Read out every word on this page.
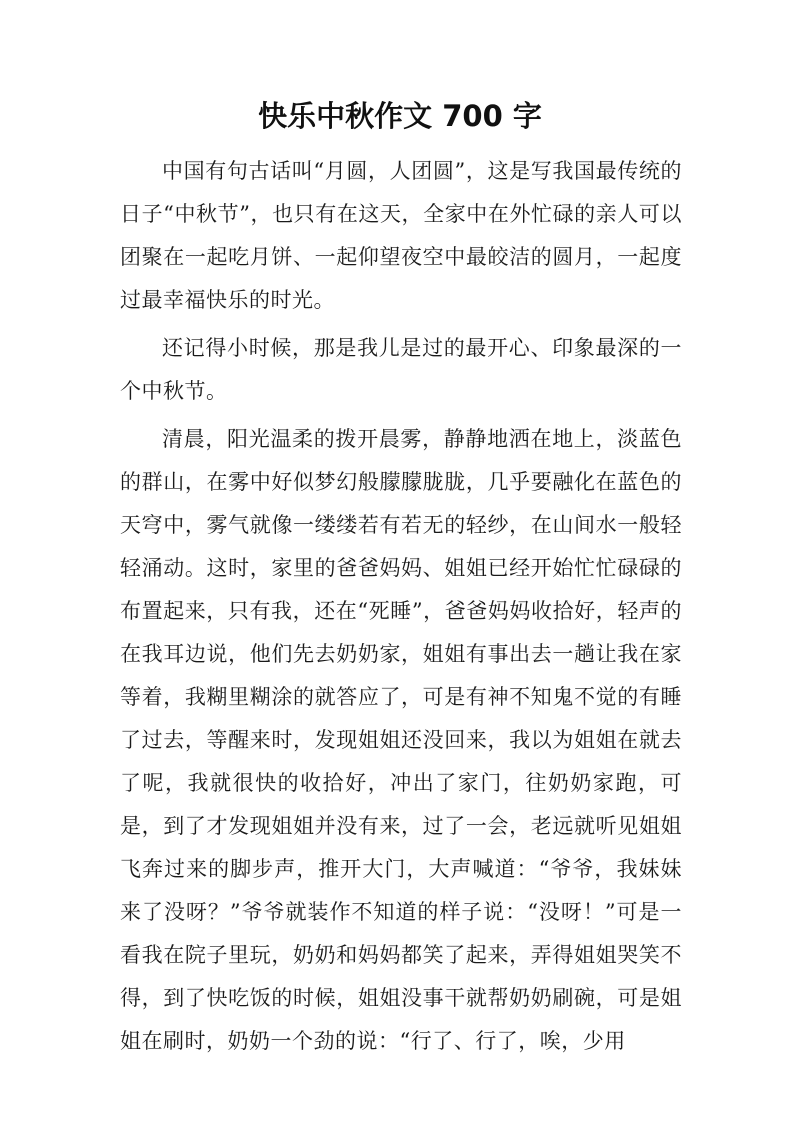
快乐中秋作文 700 字

中国有句古话叫“月圆，人团圆”，这是写我国最传统的日子“中秋节”，也只有在这天，全家中在外忙碌的亲人可以团聚在一起吃月饼、一起仰望夜空中最皎洁的圆月，一起度过最幸福快乐的时光。

还记得小时候，那是我儿是过的最开心、印象最深的一个中秋节。

清晨，阳光温柔的拨开晨雾，静静地洒在地上，淡蓝色的群山，在雾中好似梦幻般朦朦胧胧，几乎要融化在蓝色的天穹中，雾气就像一缕缕若有若无的轻纱，在山间水一般轻轻涌动。这时，家里的爸爸妈妈、姐姐已经开始忙忙碌碌的布置起来，只有我，还在“死睡”，爸爸妈妈收拾好，轻声的在我耳边说，他们先去奶奶家，姐姐有事出去一趟让我在家等着，我糊里糊涂的就答应了，可是有神不知鬼不觉的有睡了过去，等醒来时，发现姐姐还没回来，我以为姐姐在就去了呢，我就很快的收拾好，冲出了家门，往奶奶家跑，可是，到了才发现姐姐并没有来，过了一会，老远就听见姐姐飞奔过来的脚步声，推开大门，大声喊道：“爷爷，我妹妹来了没呀？”爷爷就装作不知道的样子说：“没呀！”可是一看我在院子里玩，奶奶和妈妈都笑了起来，弄得姐姐哭笑不得，到了快吃饭的时候，姐姐没事干就帮奶奶刷碗，可是姐姐在刷时，奶奶一个劲的说：“行了、行了，唉，少用
